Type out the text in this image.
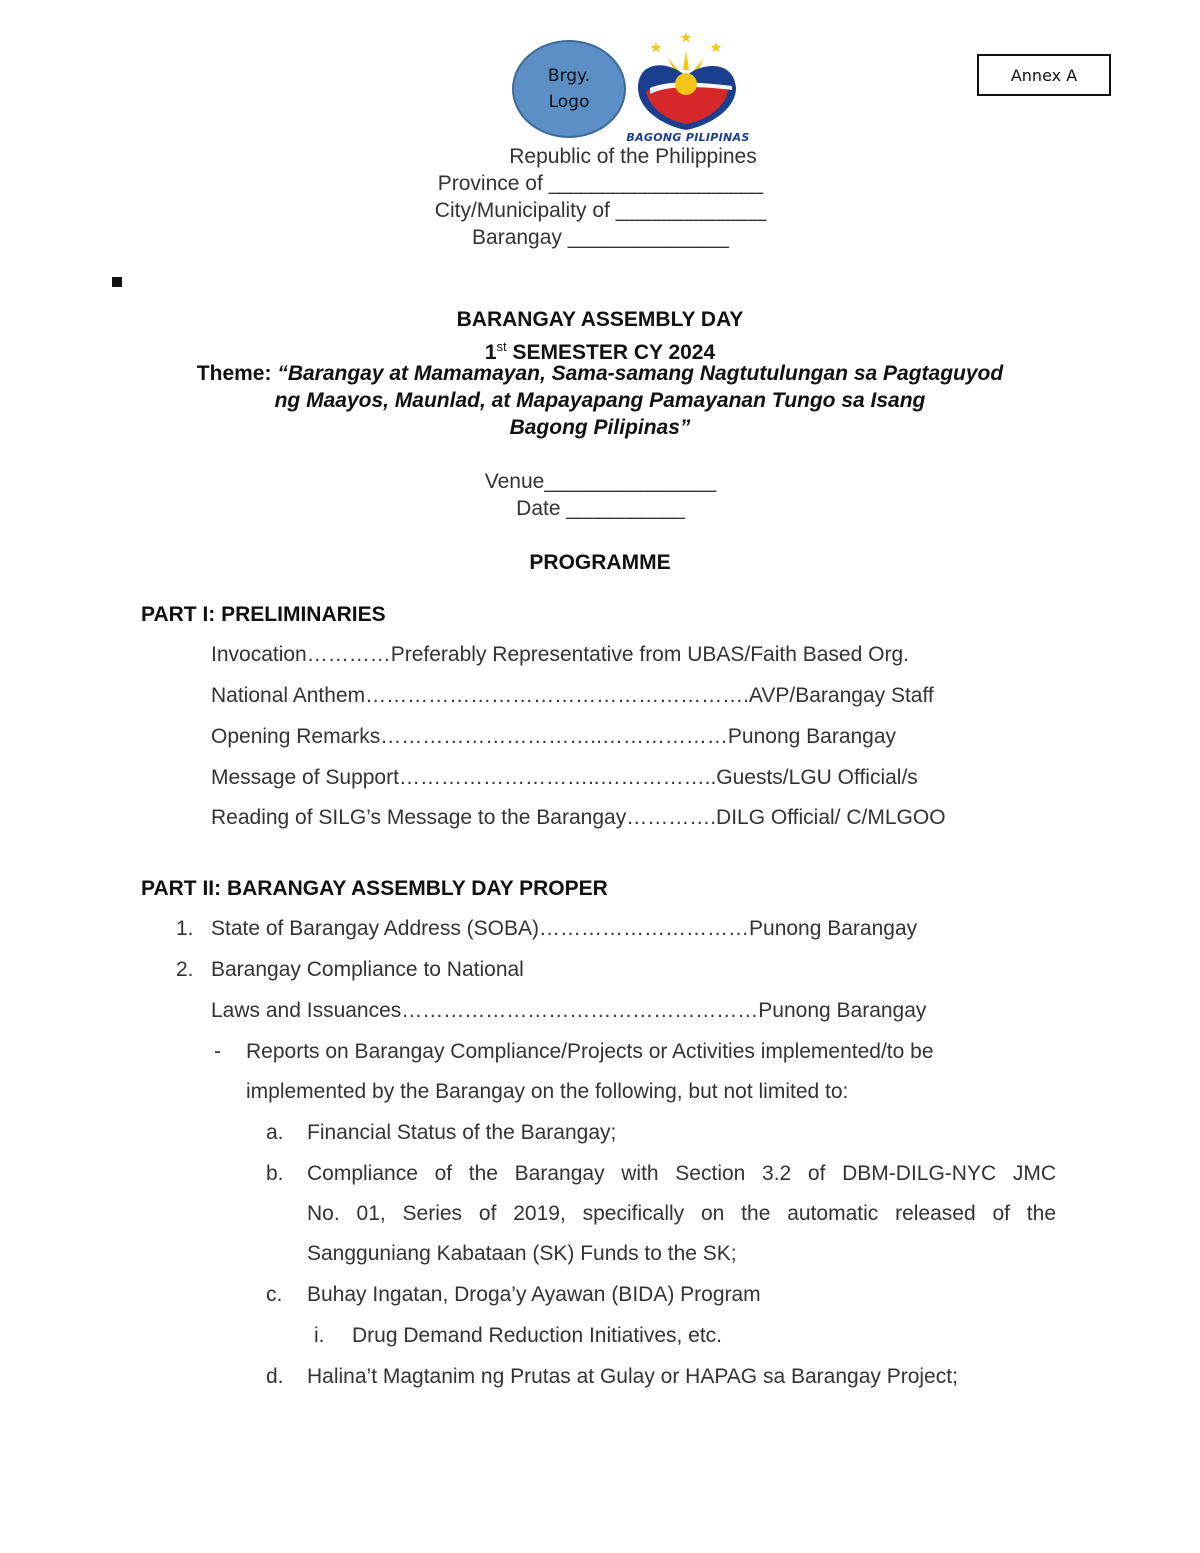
Brgy.
Logo
BAGONG PILIPINAS
Annex A
Republic of the Philippines
Province of ____________________
City/Municipality of ______________
Barangay _______________
BARANGAY ASSEMBLY DAY
1st SEMESTER CY 2024
Theme: “Barangay at Mamamayan, Sama-samang Nagtutulungan sa Pagtaguyod
ng Maayos, Maunlad, at Mapayapang Pamayanan Tungo sa Isang
Bagong Pilipinas”
Venue________________
Date ___________
PROGRAMME
PART I: PRELIMINARIES
Invocation…………Preferably Representative from UBAS/Faith Based Org.
National Anthem……………………………………………….AVP/Barangay Staff
Opening Remarks…………………………..………………Punong Barangay
Message of Support………………………..……………..Guests/LGU Official/s
Reading of SILG’s Message to the Barangay………….DILG Official/ C/MLGOO
PART II: BARANGAY ASSEMBLY DAY PROPER
1. State of Barangay Address (SOBA)…………………………Punong Barangay
2. Barangay Compliance to National
Laws and Issuances……………………………………………Punong Barangay
- Reports on Barangay Compliance/Projects or Activities implemented/to be
implemented by the Barangay on the following, but not limited to:
a. Financial Status of the Barangay;
b. Compliance of the Barangay with Section 3.2 of DBM-DILG-NYC JMC
No. 01, Series of 2019, specifically on the automatic released of the
Sangguniang Kabataan (SK) Funds to the SK;
c. Buhay Ingatan, Droga’y Ayawan (BIDA) Program
i. Drug Demand Reduction Initiatives, etc.
d. Halina’t Magtanim ng Prutas at Gulay or HAPAG sa Barangay Project;
